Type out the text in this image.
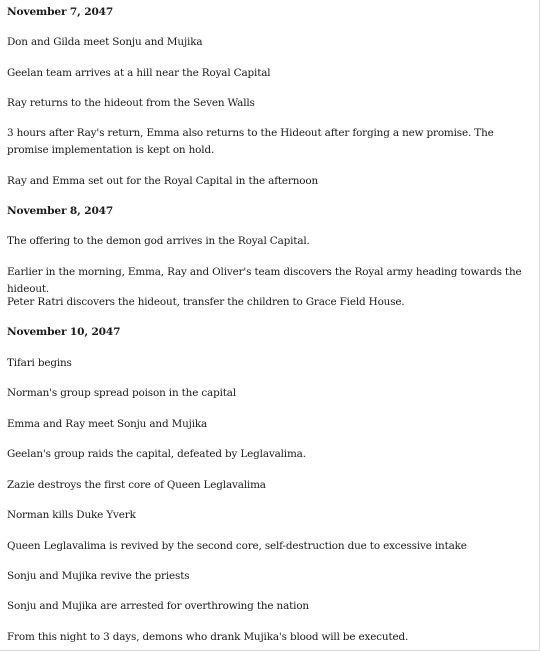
November 7, 2047

Don and Gilda meet Sonju and Mujika

Geelan team arrives at a hill near the Royal Capital

Ray returns to the hideout from the Seven Walls

3 hours after Ray's return, Emma also returns to the Hideout after forging a new promise. The promise implementation is kept on hold.

Ray and Emma set out for the Royal Capital in the afternoon

November 8, 2047

The offering to the demon god arrives in the Royal Capital.

Earlier in the morning, Emma, Ray and Oliver's team discovers the Royal army heading towards the hideout.

Peter Ratri discovers the hideout, transfer the children to Grace Field House.

November 10, 2047

Tifari begins

Norman's group spread poison in the capital

Emma and Ray meet Sonju and Mujika

Geelan's group raids the capital, defeated by Leglavalima.

Zazie destroys the first core of Queen Leglavalima

Norman kills Duke Yverk

Queen Leglavalima is revived by the second core, self-destruction due to excessive intake

Sonju and Mujika revive the priests

Sonju and Mujika are arrested for overthrowing the nation

From this night to 3 days, demons who drank Mujika's blood will be executed.
